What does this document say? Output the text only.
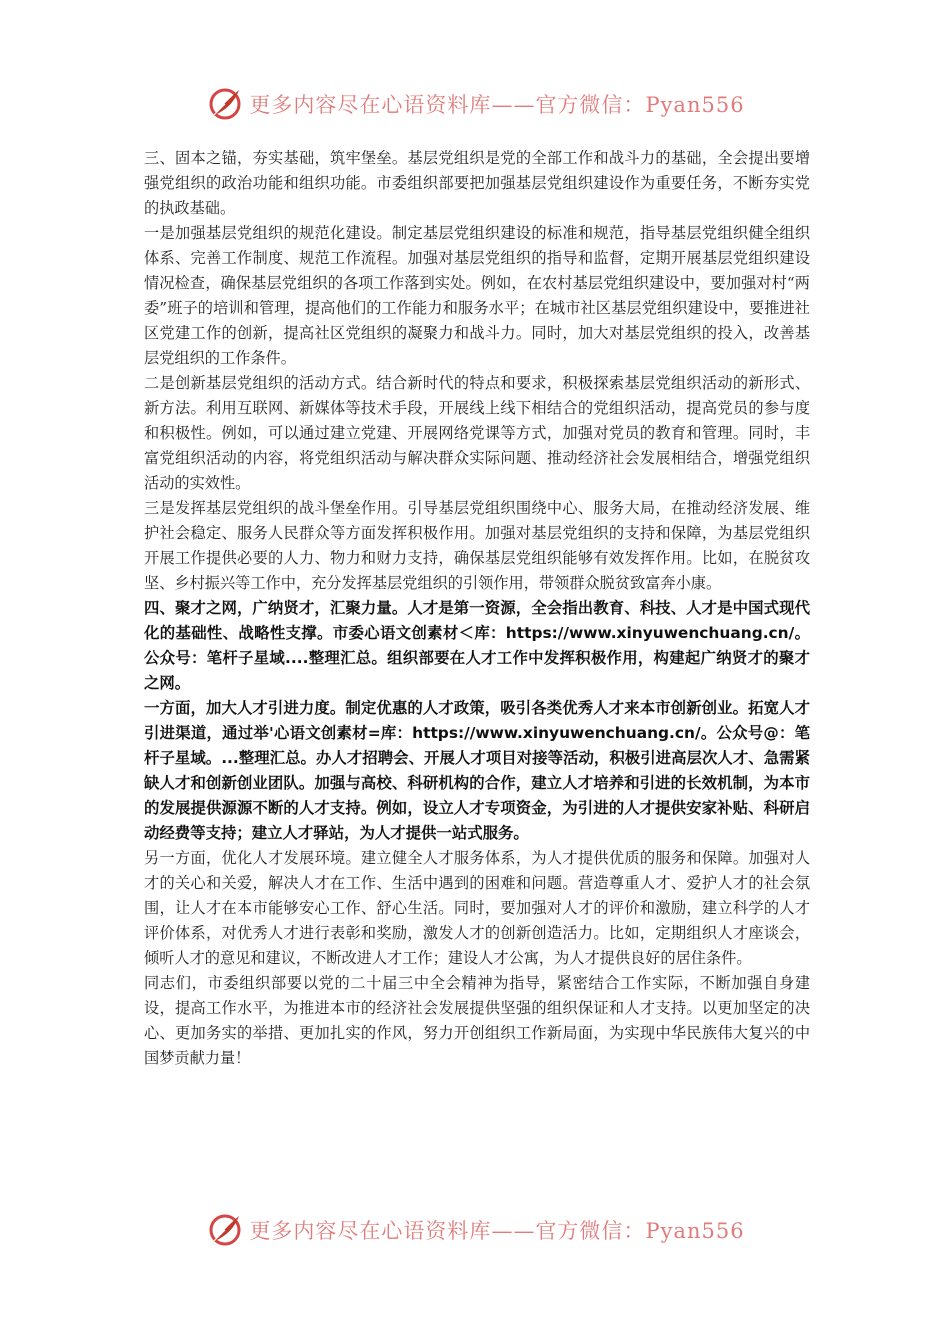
更多内容尽在心语资料库——官方微信：Pyan556

三、固本之锚，夯实基础，筑牢堡垒。基层党组织是党的全部工作和战斗力的基础，全会提出要增强党组织的政治功能和组织功能。市委组织部要把加强基层党组织建设作为重要任务，不断夯实党的执政基础。

一是加强基层党组织的规范化建设。制定基层党组织建设的标准和规范，指导基层党组织健全组织体系、完善工作制度、规范工作流程。加强对基层党组织的指导和监督，定期开展基层党组织建设情况检查，确保基层党组织的各项工作落到实处。例如，在农村基层党组织建设中，要加强对村“两委”班子的培训和管理，提高他们的工作能力和服务水平；在城市社区基层党组织建设中，要推进社区党建工作的创新，提高社区党组织的凝聚力和战斗力。同时，加大对基层党组织的投入，改善基层党组织的工作条件。

二是创新基层党组织的活动方式。结合新时代的特点和要求，积极探索基层党组织活动的新形式、新方法。利用互联网、新媒体等技术手段，开展线上线下相结合的党组织活动，提高党员的参与度和积极性。例如，可以通过建立党建、开展网络党课等方式，加强对党员的教育和管理。同时，丰富党组织活动的内容，将党组织活动与解决群众实际问题、推动经济社会发展相结合，增强党组织活动的实效性。

三是发挥基层党组织的战斗堡垒作用。引导基层党组织围绕中心、服务大局，在推动经济发展、维护社会稳定、服务人民群众等方面发挥积极作用。加强对基层党组织的支持和保障，为基层党组织开展工作提供必要的人力、物力和财力支持，确保基层党组织能够有效发挥作用。比如，在脱贫攻坚、乡村振兴等工作中，充分发挥基层党组织的引领作用，带领群众脱贫致富奔小康。

四、聚才之网，广纳贤才，汇聚力量。人才是第一资源，全会指出教育、科技、人才是中国式现代化的基础性、战略性支撑。市委心语文创素材＜库：https://www.xinyuwenchuang.cn/。公众号：笔杆子星域....整理汇总。组织部要在人才工作中发挥积极作用，构建起广纳贤才的聚才之网。

一方面，加大人才引进力度。制定优惠的人才政策，吸引各类优秀人才来本市创新创业。拓宽人才引进渠道，通过举'心语文创素材=库：https://www.xinyuwenchuang.cn/。公众号@：笔杆子星域。...整理汇总。办人才招聘会、开展人才项目对接等活动，积极引进高层次人才、急需紧缺人才和创新创业团队。加强与高校、科研机构的合作，建立人才培养和引进的长效机制，为本市的发展提供源源不断的人才支持。例如，设立人才专项资金，为引进的人才提供安家补贴、科研启动经费等支持；建立人才驿站，为人才提供一站式服务。

另一方面，优化人才发展环境。建立健全人才服务体系，为人才提供优质的服务和保障。加强对人才的关心和关爱，解决人才在工作、生活中遇到的困难和问题。营造尊重人才、爱护人才的社会氛围，让人才在本市能够安心工作、舒心生活。同时，要加强对人才的评价和激励，建立科学的人才评价体系，对优秀人才进行表彰和奖励，激发人才的创新创造活力。比如，定期组织人才座谈会，倾听人才的意见和建议，不断改进人才工作；建设人才公寓，为人才提供良好的居住条件。

同志们，市委组织部要以党的二十届三中全会精神为指导，紧密结合工作实际，不断加强自身建设，提高工作水平，为推进本市的经济社会发展提供坚强的组织保证和人才支持。以更加坚定的决心、更加务实的举措、更加扎实的作风，努力开创组织工作新局面，为实现中华民族伟大复兴的中国梦贡献力量！

更多内容尽在心语资料库——官方微信：Pyan556
